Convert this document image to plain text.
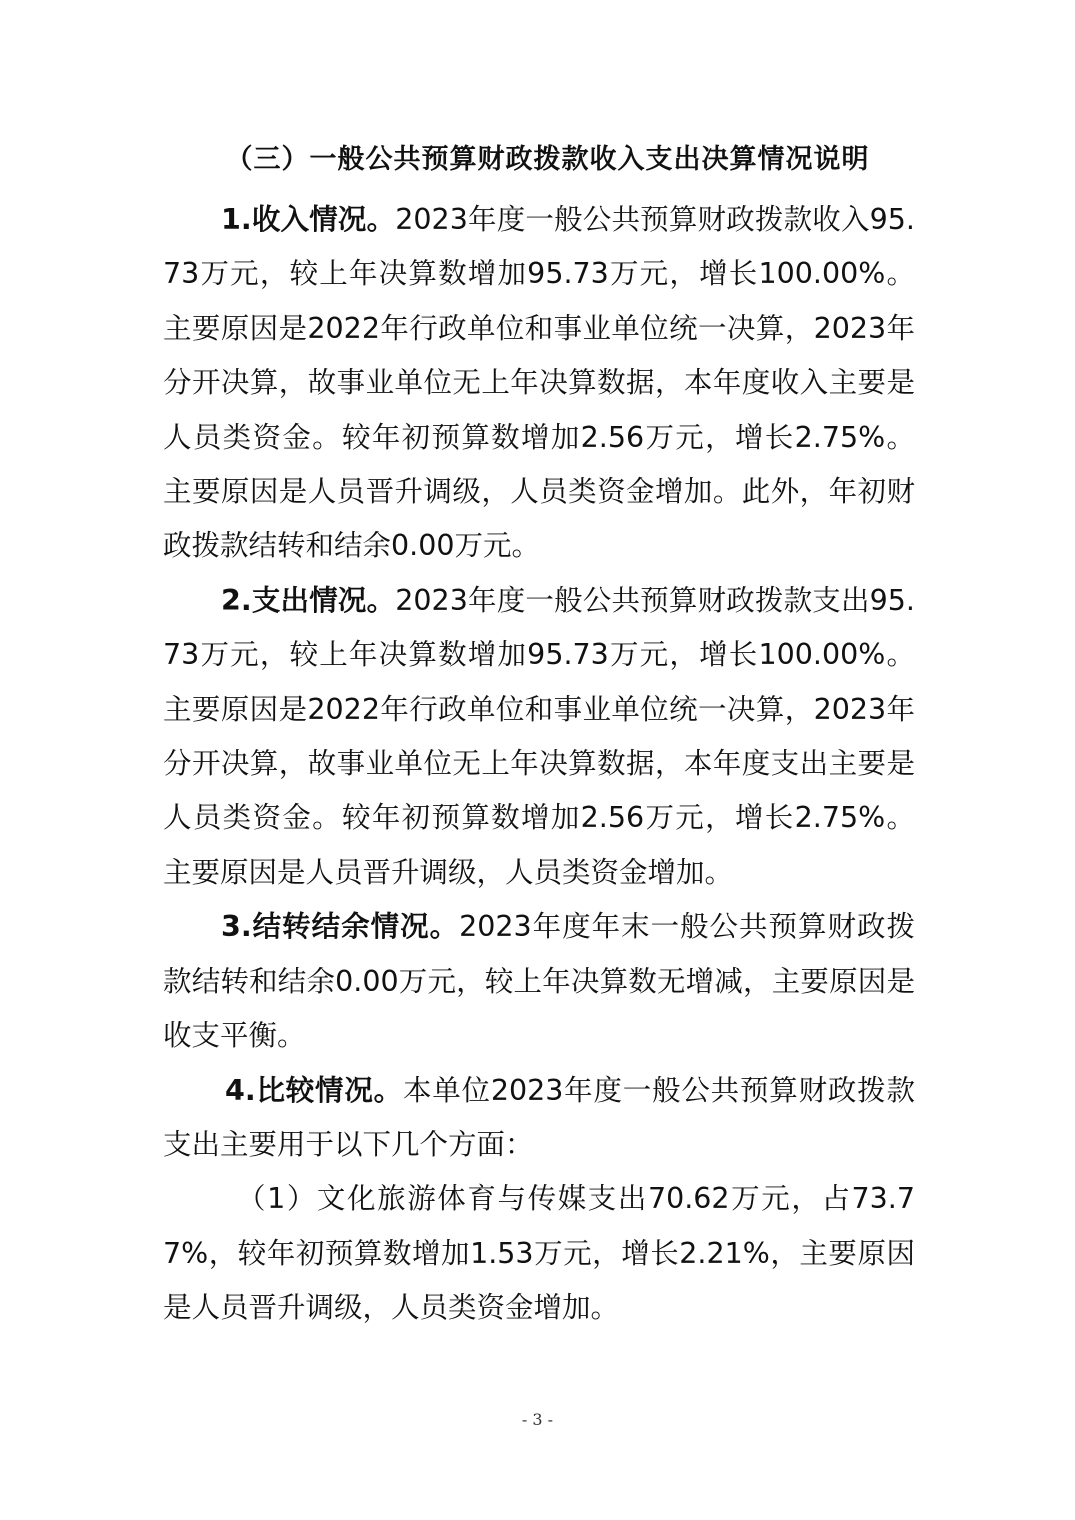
（三）一般公共预算财政拨款收入支出决算情况说明

1.收入情况。2023年度一般公共预算财政拨款收入95.73万元，较上年决算数增加95.73万元，增长100.00%。主要原因是2022年行政单位和事业单位统一决算，2023年分开决算，故事业单位无上年决算数据，本年度收入主要是人员类资金。较年初预算数增加2.56万元，增长2.75%。主要原因是人员晋升调级，人员类资金增加。此外，年初财政拨款结转和结余0.00万元。

2.支出情况。2023年度一般公共预算财政拨款支出95.73万元，较上年决算数增加95.73万元，增长100.00%。主要原因是2022年行政单位和事业单位统一决算，2023年分开决算，故事业单位无上年决算数据，本年度支出主要是人员类资金。较年初预算数增加2.56万元，增长2.75%。主要原因是人员晋升调级，人员类资金增加。

3.结转结余情况。2023年度年末一般公共预算财政拨款结转和结余0.00万元，较上年决算数无增减，主要原因是收支平衡。

4.比较情况。本单位2023年度一般公共预算财政拨款支出主要用于以下几个方面：

（1）文化旅游体育与传媒支出70.62万元，占73.77%，较年初预算数增加1.53万元，增长2.21%，主要原因是人员晋升调级，人员类资金增加。

- 3 -
